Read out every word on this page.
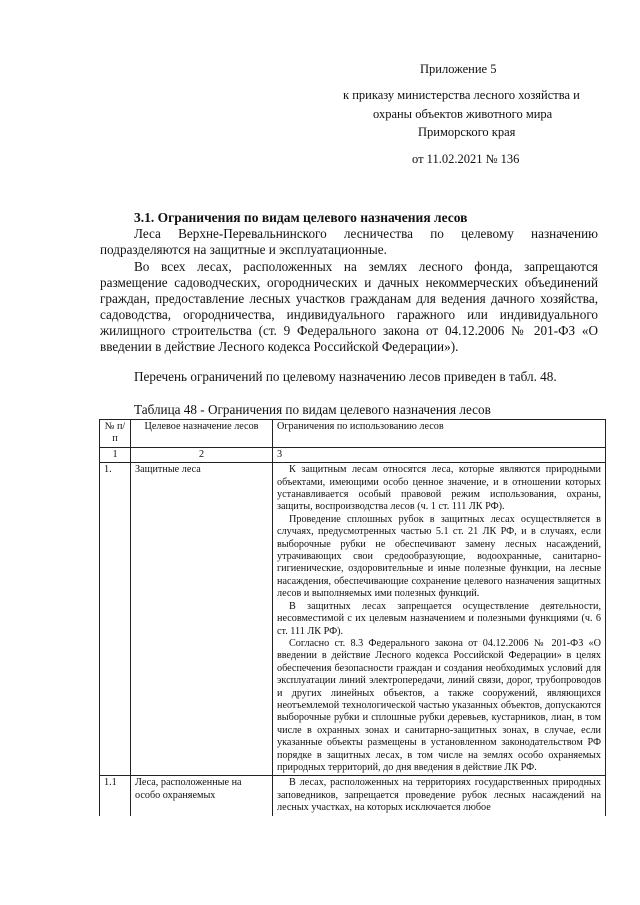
Приложение 5
к приказу министерства лесного хозяйства и
охраны объектов животного мира
Приморского края
от 11.02.2021 № 136
3.1. Ограничения по видам целевого назначения лесов
Леса Верхне-Перевальнинского лесничества по целевому назначению подразделяются на защитные и эксплуатационные.
Во всех лесах, расположенных на землях лесного фонда, запрещаются размещение садоводческих, огороднических и дачных некоммерческих объединений граждан, предоставление лесных участков гражданам для ведения дачного хозяйства, садоводства, огородничества, индивидуального гаражного или индивидуального жилищного строительства (ст. 9 Федерального закона от 04.12.2006 № 201-ФЗ «О введении в действие Лесного кодекса Российской Федерации»).
Перечень ограничений по целевому назначению лесов приведен в табл. 48.
Таблица 48 - Ограничения по видам целевого назначения лесов
№ п/п	Целевое назначение лесов	Ограничения по использованию лесов
1	2	3
1.	Защитные леса	К защитным лесам относятся леса, которые являются природными объектами, имеющими особо ценное значение, и в отношении которых устанавливается особый правовой режим использования, охраны, защиты, воспроизводства лесов (ч. 1 ст. 111 ЛК РФ).

Проведение сплошных рубок в защитных лесах осуществляется в случаях, предусмотренных частью 5.1 ст. 21 ЛК РФ, и в случаях, если выборочные рубки не обеспечивают замену лесных насаждений, утрачивающих свои средообразующие, водоохранные, санитарно-гигиенические, оздоровительные и иные полезные функции, на лесные насаждения, обеспечивающие сохранение целевого назначения защитных лесов и выполняемых ими полезных функций.

В защитных лесах запрещается осуществление деятельности, несовместимой с их целевым назначением и полезными функциями (ч. 6 ст. 111 ЛК РФ).

Согласно ст. 8.3 Федерального закона от 04.12.2006 № 201-ФЗ «О введении в действие Лесного кодекса Российской Федерации» в целях обеспечения безопасности граждан и создания необходимых условий для эксплуатации линий электропередачи, линий связи, дорог, трубопроводов и других линейных объектов, а также сооружений, являющихся неотъемлемой технологической частью указанных объектов, допускаются выборочные рубки и сплошные рубки деревьев, кустарников, лиан, в том числе в охранных зонах и санитарно-защитных зонах, в случае, если указанные объекты размещены в установленном законодательством РФ порядке в защитных лесах, в том числе на землях особо охраняемых природных территорий, до дня введения в действие ЛК РФ.

1.1	Леса, расположенные на особо охраняемых	В лесах, расположенных на территориях государственных природных заповедников, запрещается проведение рубок лесных насаждений на лесных участках, на которых исключается любое
